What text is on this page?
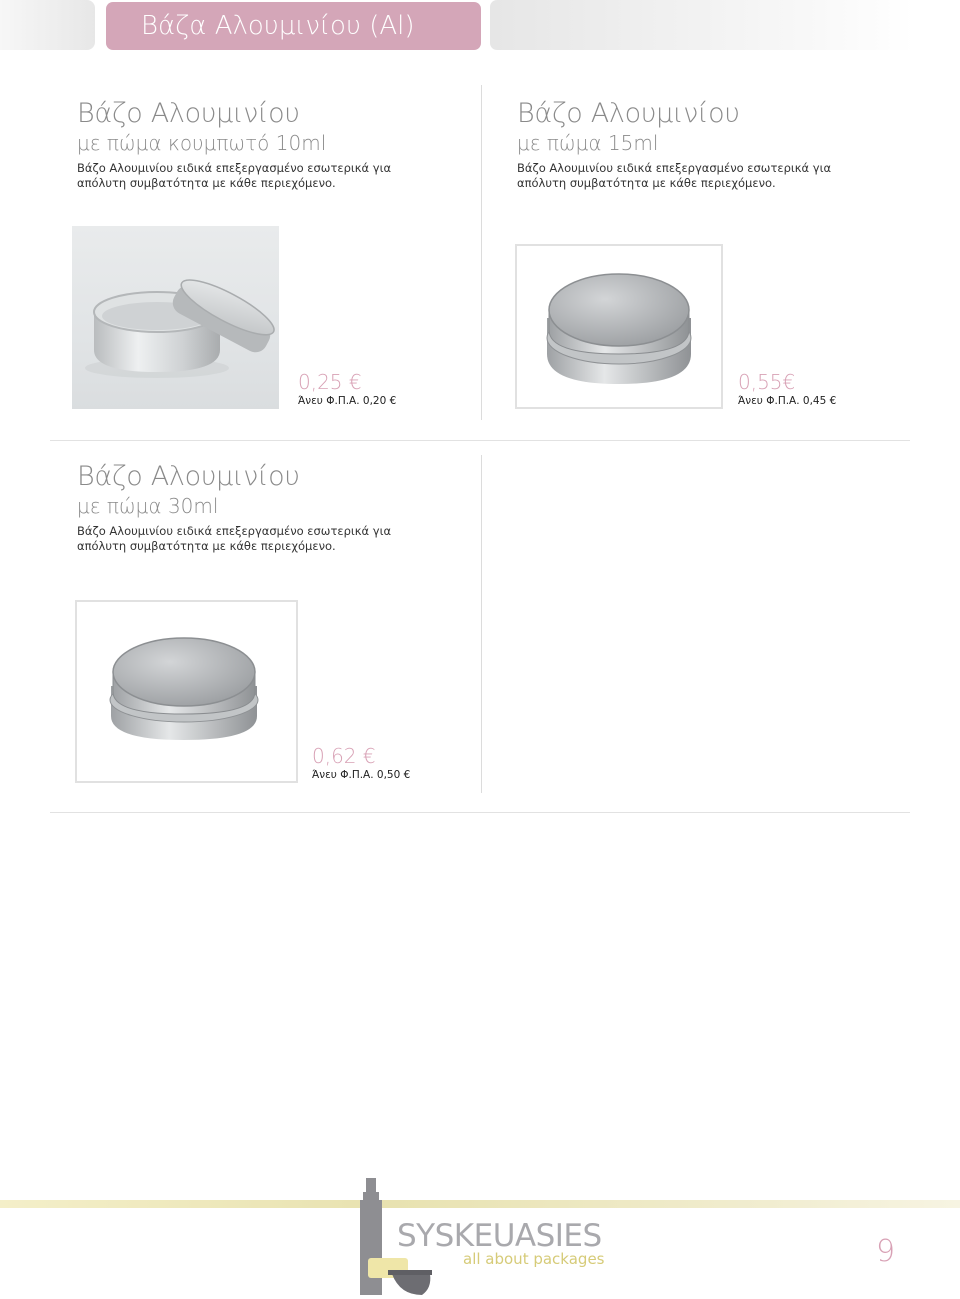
Βάζα Αλουμινίου (Al)
Βάζο Αλουμινίου
με πώμα κουμπωτό 10ml
Βάζο Αλουμινίου ειδικά επεξεργασμένο εσωτερικά για απόλυτη συμβατότητα με κάθε περιεχόμενο.
0,25 €
Άνευ Φ.Π.Α. 0,20 €
Βάζο Αλουμινίου
με πώμα 15ml
Βάζο Αλουμινίου ειδικά επεξεργασμένο εσωτερικά για απόλυτη συμβατότητα με κάθε περιεχόμενο.
0,55€
Άνευ Φ.Π.Α. 0,45 €
Βάζο Αλουμινίου
με πώμα 30ml
Βάζο Αλουμινίου ειδικά επεξεργασμένο εσωτερικά για απόλυτη συμβατότητα με κάθε περιεχόμενο.
0,62 €
Άνευ Φ.Π.Α. 0,50 €
SYSKEUASIES
all about packages	9
